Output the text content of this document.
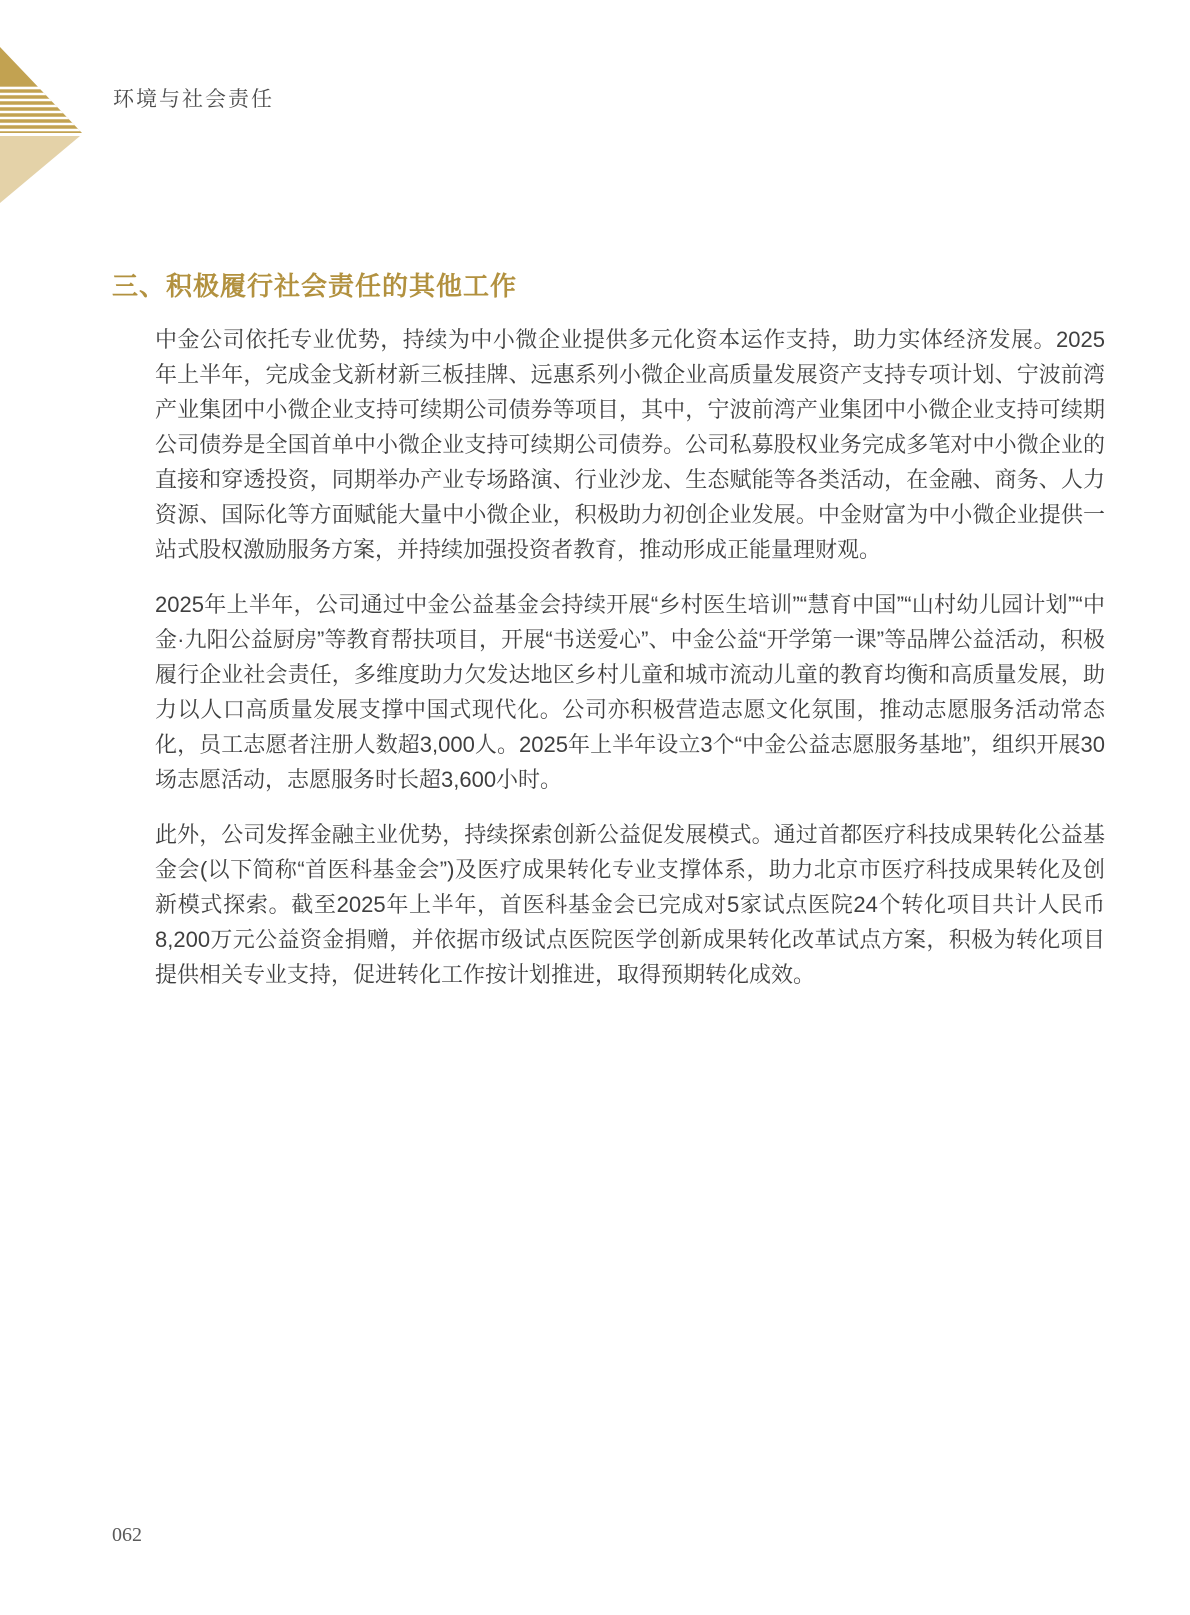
环境与社会责任
三、积极履行社会责任的其他工作

中金公司依托专业优势，持续为中小微企业提供多元化资本运作支持，助力实体经济发展。2025年上半年，完成金戈新材新三板挂牌、远惠系列小微企业高质量发展资产支持专项计划、宁波前湾产业集团中小微企业支持可续期公司债券等项目，其中，宁波前湾产业集团中小微企业支持可续期公司债券是全国首单中小微企业支持可续期公司债券。公司私募股权业务完成多笔对中小微企业的直接和穿透投资，同期举办产业专场路演、行业沙龙、生态赋能等各类活动，在金融、商务、人力资源、国际化等方面赋能大量中小微企业，积极助力初创企业发展。中金财富为中小微企业提供一站式股权激励服务方案，并持续加强投资者教育，推动形成正能量理财观。

2025年上半年，公司通过中金公益基金会持续开展“乡村医生培训”“慧育中国”“山村幼儿园计划”“中金·九阳公益厨房”等教育帮扶项目，开展“书送爱心”、中金公益“开学第一课”等品牌公益活动，积极履行企业社会责任，多维度助力欠发达地区乡村儿童和城市流动儿童的教育均衡和高质量发展，助力以人口高质量发展支撑中国式现代化。公司亦积极营造志愿文化氛围，推动志愿服务活动常态化，员工志愿者注册人数超3,000人。2025年上半年设立3个“中金公益志愿服务基地”，组织开展30场志愿活动，志愿服务时长超3,600小时。

此外，公司发挥金融主业优势，持续探索创新公益促发展模式。通过首都医疗科技成果转化公益基金会(以下简称“首医科基金会”)及医疗成果转化专业支撑体系，助力北京市医疗科技成果转化及创新模式探索。截至2025年上半年，首医科基金会已完成对5家试点医院24个转化项目共计人民币8,200万元公益资金捐赠，并依据市级试点医院医学创新成果转化改革试点方案，积极为转化项目提供相关专业支持，促进转化工作按计划推进，取得预期转化成效。

062
